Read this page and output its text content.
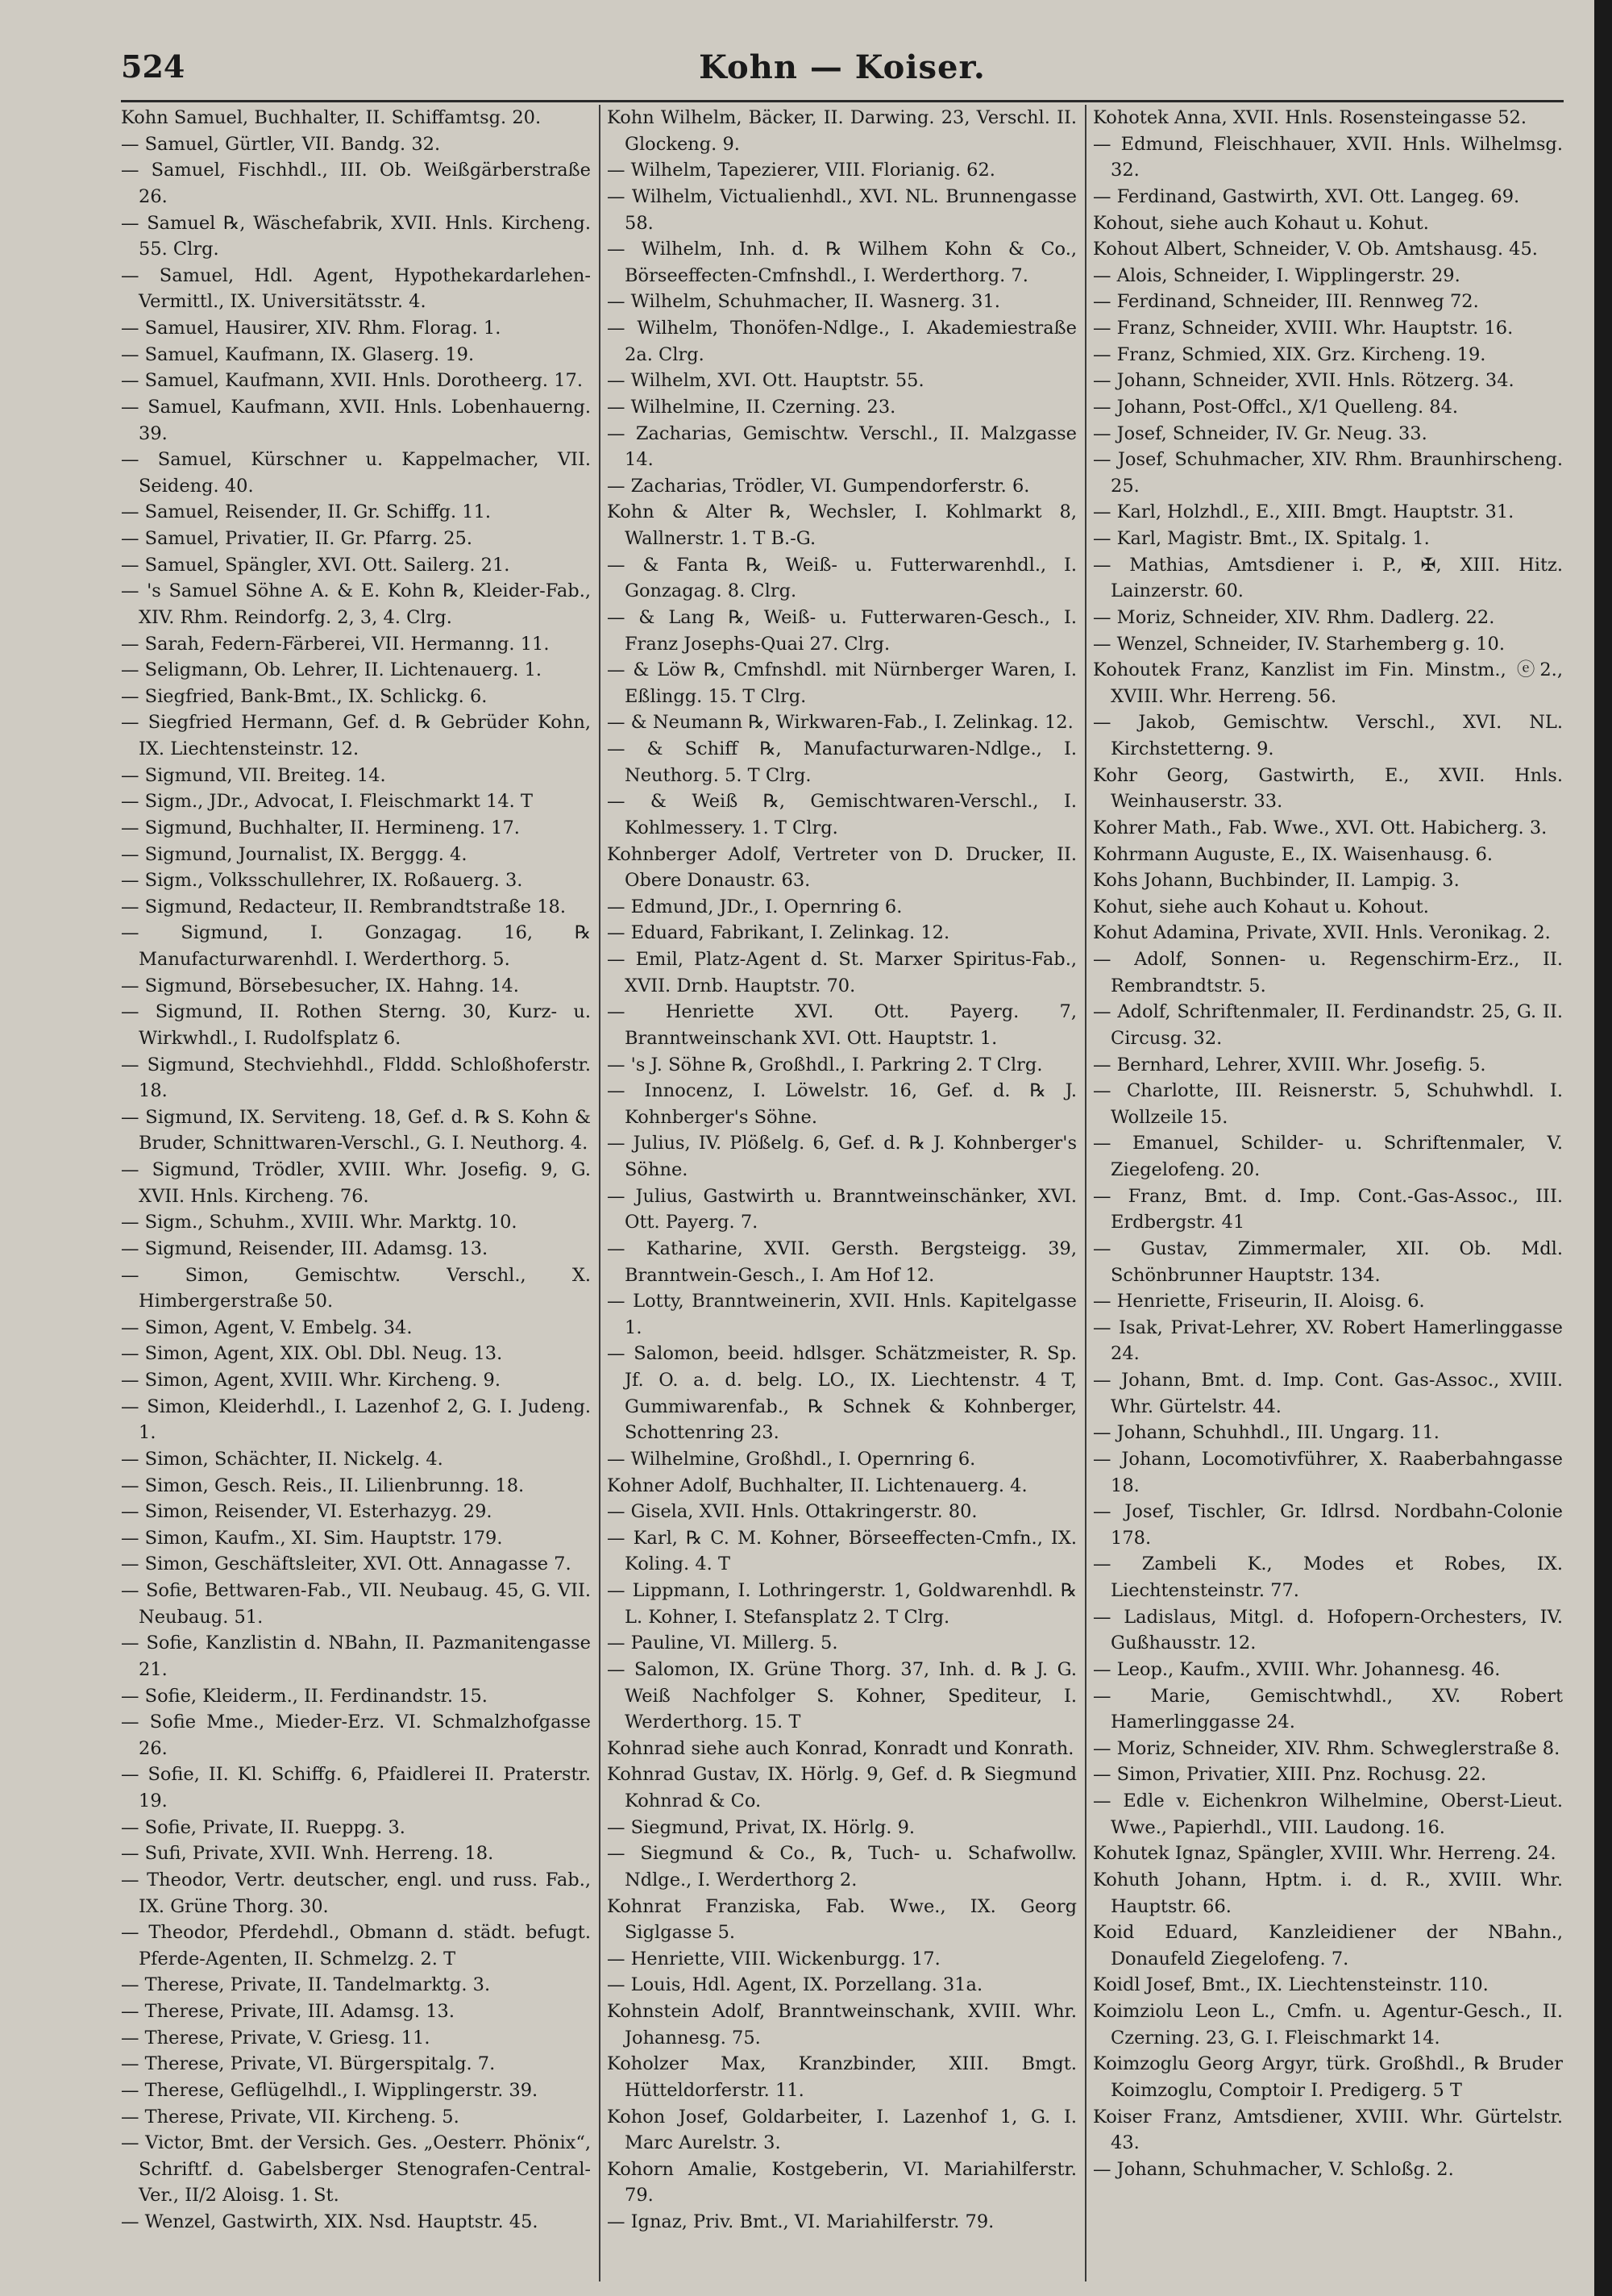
524	Kohn — Koiser.

Kohn Samuel, Buchhalter, II. Schiffamtsg. 20.

— Samuel, Gürtler, VII. Bandg. 32.

— Samuel, Fischhdl., III. Ob. Weißgärberstraße 26.

— Samuel ℞, Wäschefabrik, XVII. Hnls. Kircheng. 55. Clrg.

— Samuel, Hdl. Agent, Hypothekardarlehen-Vermittl., IX. Universitätsstr. 4.

— Samuel, Hausirer, XIV. Rhm. Florag. 1.

— Samuel, Kaufmann, IX. Glaserg. 19.

— Samuel, Kaufmann, XVII. Hnls. Dorotheerg. 17.

— Samuel, Kaufmann, XVII. Hnls. Lobenhauerng. 39.

— Samuel, Kürschner u. Kappelmacher, VII. Seideng. 40.

— Samuel, Reisender, II. Gr. Schiffg. 11.

— Samuel, Privatier, II. Gr. Pfarrg. 25.

— Samuel, Spängler, XVI. Ott. Sailerg. 21.

— 's Samuel Söhne A. & E. Kohn ℞, Kleider-Fab., XIV. Rhm. Reindorfg. 2, 3, 4. Clrg.

— Sarah, Federn-Färberei, VII. Hermanng. 11.

— Seligmann, Ob. Lehrer, II. Lichtenauerg. 1.

— Siegfried, Bank-Bmt., IX. Schlickg. 6.

— Siegfried Hermann, Gef. d. ℞ Gebrüder Kohn, IX. Liechtensteinstr. 12.

— Sigmund, VII. Breiteg. 14.

— Sigm., JDr., Advocat, I. Fleischmarkt 14. T

— Sigmund, Buchhalter, II. Hermineng. 17.

— Sigmund, Journalist, IX. Berggg. 4.

— Sigm., Volksschullehrer, IX. Roßauerg. 3.

— Sigmund, Redacteur, II. Rembrandtstraße 18.

— Sigmund, I. Gonzagag. 16, ℞ Manufacturwarenhdl. I. Werderthorg. 5.

— Sigmund, Börsebesucher, IX. Hahng. 14.

— Sigmund, II. Rothen Sterng. 30, Kurz- u. Wirkwhdl., I. Rudolfsplatz 6.

— Sigmund, Stechviehhdl., Flddd. Schloßhoferstr. 18.

— Sigmund, IX. Servitеng. 18, Gef. d. ℞ S. Kohn & Bruder, Schnittwaren-Verschl., G. I. Neuthorg. 4.

— Sigmund, Trödler, XVIII. Whr. Josefig. 9, G. XVII. Hnls. Kircheng. 76.

— Sigm., Schuhm., XVIII. Whr. Marktg. 10.

— Sigmund, Reisender, III. Adamsg. 13.

— Simon, Gemischtw. Verschl., X. Himbergerstraße 50.

— Simon, Agent, V. Embelg. 34.

— Simon, Agent, XIX. Obl. Dbl. Neug. 13.

— Simon, Agent, XVIII. Whr. Kircheng. 9.

— Simon, Kleiderhdl., I. Lazenhof 2, G. I. Judeng. 1.

— Simon, Schächter, II. Nickelg. 4.

— Simon, Gesch. Reis., II. Lilienbrunng. 18.

— Simon, Reisender, VI. Esterhazyg. 29.

— Simon, Kaufm., XI. Sim. Hauptstr. 179.

— Simon, Geschäftsleiter, XVI. Ott. Annagasse 7.

— Sofie, Bettwaren-Fab., VII. Neubaug. 45, G. VII. Neubaug. 51.

— Sofie, Kanzlistin d. NBahn, II. Pazmanitengasse 21.

— Sofie, Kleiderm., II. Ferdinandstr. 15.

— Sofie Mme., Mieder-Erz. VI. Schmalzhofgasse 26.

— Sofie, II. Kl. Schiffg. 6, Pfaidlerei II. Praterstr. 19.

— Sofie, Private, II. Rueppg. 3.

— Sufi, Private, XVII. Wnh. Herreng. 18.

— Theodor, Vertr. deutscher, engl. und russ. Fab., IX. Grüne Thorg. 30.

— Theodor, Pferdehdl., Obmann d. städt. befugt. Pferde-Agenten, II. Schmelzg. 2. T

— Therese, Private, II. Tandelmarktg. 3.

— Therese, Private, III. Adamsg. 13.

— Therese, Private, V. Griesg. 11.

— Therese, Private, VI. Bürgerspitalg. 7.

— Therese, Geflügelhdl., I. Wipplingerstr. 39.

— Therese, Private, VII. Kircheng. 5.

— Victor, Bmt. der Versich. Ges. „Oesterr. Phönix“, Schriftf. d. Gabelsberger Stenografen-Central-Ver., II/2 Aloisg. 1. St.

— Wenzel, Gastwirth, XIX. Nsd. Hauptstr. 45.

Kohn Wilhelm, Bäcker, II. Darwing. 23, Verschl. II. Glockeng. 9.

— Wilhelm, Tapezierer, VIII. Florianig. 62.

— Wilhelm, Victualienhdl., XVI. NL. Brunnengasse 58.

— Wilhelm, Inh. d. ℞ Wilhem Kohn & Co., Börseeffecten-Cmfnshdl., I. Werderthorg. 7.

— Wilhelm, Schuhmacher, II. Wasnerg. 31.

— Wilhelm, Thonöfen-Ndlge., I. Akademiestraße 2a. Clrg.

— Wilhelm, XVI. Ott. Hauptstr. 55.

— Wilhelmine, II. Czerning. 23.

— Zacharias, Gemischtw. Verschl., II. Malzgasse 14.

— Zacharias, Trödler, VI. Gumpendorferstr. 6.

Kohn & Alter ℞, Wechsler, I. Kohlmarkt 8, Wallnerstr. 1. T B.-G.

— & Fanta ℞, Weiß- u. Futterwarenhdl., I. Gonzagag. 8. Clrg.

— & Lang ℞, Weiß- u. Futterwaren-Gesch., I. Franz Josephs-Quai 27. Clrg.

— & Löw ℞, Cmfnshdl. mit Nürnberger Waren, I. Eßlingg. 15. T Clrg.

— & Neumann ℞, Wirkwaren-Fab., I. Zelinkag. 12.

— & Schiff ℞, Manufacturwaren-Ndlge., I. Neuthorg. 5. T Clrg.

— & Weiß ℞, Gemischtwaren-Verschl., I. Kohlmessery. 1. T Clrg.

Kohnberger Adolf, Vertreter von D. Drucker, II. Obere Donaustr. 63.

— Edmund, JDr., I. Opernring 6.

— Eduard, Fabrikant, I. Zelinkag. 12.

— Emil, Platz-Agent d. St. Marxer Spiritus-Fab., XVII. Drnb. Hauptstr. 70.

— Henriette XVI. Ott. Payerg. 7, Branntweinschank XVI. Ott. Hauptstr. 1.

— 's J. Söhne ℞, Großhdl., I. Parkring 2. T Clrg.

— Innocenz, I. Löwelstr. 16, Gef. d. ℞ J. Kohnberger's Söhne.

— Julius, IV. Plößelg. 6, Gef. d. ℞ J. Kohnberger's Söhne.

— Julius, Gastwirth u. Branntweinschänker, XVI. Ott. Payerg. 7.

— Katharine, XVII. Gersth. Bergsteigg. 39, Branntwein-Gesch., I. Am Hof 12.

— Lotty, Branntweinerin, XVII. Hnls. Kapitelgasse 1.

— Salomon, beeid. hdlsger. Schätzmeister, R. Sp. Jf. O. a. d. belg. LO., IX. Liechtenstr. 4 T, Gummiwarenfab., ℞ Schnek & Kohnberger, Schottenring 23.

— Wilhelmine, Großhdl., I. Opernring 6.

Kohner Adolf, Buchhalter, II. Lichtenauerg. 4.

— Gisela, XVII. Hnls. Ottakringerstr. 80.

— Karl, ℞ C. M. Kohner, Börseeffecten-Cmfn., IX. Koling. 4. T

— Lippmann, I. Lothringerstr. 1, Goldwarenhdl. ℞ L. Kohner, I. Stefansplatz 2. T Clrg.

— Pauline, VI. Millerg. 5.

— Salomon, IX. Grüne Thorg. 37, Inh. d. ℞ J. G. Weiß Nachfolger S. Kohner, Spediteur, I. Werderthorg. 15. T

Kohnrad siehe auch Konrad, Konradt und Konrath.

Kohnrad Gustav, IX. Hörlg. 9, Gef. d. ℞ Siegmund Kohnrad & Co.

— Siegmund, Privat, IX. Hörlg. 9.

— Siegmund & Co., ℞, Tuch- u. Schafwollw. Ndlge., I. Werderthorg 2.

Kohnrat Franziska, Fab. Wwe., IX. Georg Siglgasse 5.

— Henriette, VIII. Wickenburgg. 17.

— Louis, Hdl. Agent, IX. Porzellang. 31a.

Kohnstein Adolf, Branntweinschank, XVIII. Whr. Johannesg. 75.

Koholzer Max, Kranzbinder, XIII. Bmgt. Hütteldorferstr. 11.

Kohon Josef, Goldarbeiter, I. Lazenhof 1, G. I. Marc Aurelstr. 3.

Kohorn Amalie, Kostgeberin, VI. Mariahilferstr. 79.

— Ignaz, Priv. Bmt., VI. Mariahilferstr. 79.

Kohotek Anna, XVII. Hnls. Rosensteingasse 52.

— Edmund, Fleischhauer, XVII. Hnls. Wilhelmsg. 32.

— Ferdinand, Gastwirth, XVI. Ott. Langeg. 69.

Kohout, siehe auch Kohaut u. Kohut.

Kohout Albert, Schneider, V. Ob. Amtshausg. 45.

— Alois, Schneider, I. Wipplingerstr. 29.

— Ferdinand, Schneider, III. Rennweg 72.

— Franz, Schneider, XVIII. Whr. Hauptstr. 16.

— Franz, Schmied, XIX. Grz. Kircheng. 19.

— Johann, Schneider, XVII. Hnls. Rötzerg. 34.

— Johann, Post-Offcl., X/1 Quelleng. 84.

— Josef, Schneider, IV. Gr. Neug. 33.

— Josef, Schuhmacher, XIV. Rhm. Braunhirscheng. 25.

— Karl, Holzhdl., E., XIII. Bmgt. Hauptstr. 31.

— Karl, Magistr. Bmt., IX. Spitalg. 1.

— Mathias, Amtsdiener i. P., ✠, XIII. Hitz. Lainzerstr. 60.

— Moriz, Schneider, XIV. Rhm. Dadlerg. 22.

— Wenzel, Schneider, IV. Starhemberg g. 10.

Kohoutek Franz, Kanzlist im Fin. Minstm., ⓔ2., XVIII. Whr. Herreng. 56.

— Jakob, Gemischtw. Verschl., XVI. NL. Kirchstetterng. 9.

Kohr Georg, Gastwirth, E., XVII. Hnls. Weinhauserstr. 33.

Kohrer Math., Fab. Wwe., XVI. Ott. Habicherg. 3.

Kohrmann Auguste, E., IX. Waisenhausg. 6.

Kohs Johann, Buchbinder, II. Lampig. 3.

Kohut, siehe auch Kohaut u. Kohout.

Kohut Adamina, Private, XVII. Hnls. Veronikag. 2.

— Adolf, Sonnen- u. Regenschirm-Erz., II. Rembrandtstr. 5.

— Adolf, Schriftenmaler, II. Ferdinandstr. 25, G. II. Circusg. 32.

— Bernhard, Lehrer, XVIII. Whr. Josefig. 5.

— Charlotte, III. Reisnerstr. 5, Schuhwhdl. I. Wollzeile 15.

— Emanuel, Schilder- u. Schriftenmaler, V. Ziegelofeng. 20.

— Franz, Bmt. d. Imp. Cont.-Gas-Assoc., III. Erdbergstr. 41

— Gustav, Zimmermaler, XII. Ob. Mdl. Schönbrunner Hauptstr. 134.

— Henriette, Friseurin, II. Aloisg. 6.

— Isak, Privat-Lehrer, XV. Robert Hamerlinggasse 24.

— Johann, Bmt. d. Imp. Cont. Gas-Assoc., XVIII. Whr. Gürtelstr. 44.

— Johann, Schuhhdl., III. Ungarg. 11.

— Johann, Locomotivführer, X. Raaberbahngasse 18.

— Josef, Tischler, Gr. Idlrsd. Nordbahn-Colonie 178.

— Zambeli K., Modes et Robes, IX. Liechtensteinstr. 77.

— Ladislaus, Mitgl. d. Hofopern-Orchesters, IV. Gußhausstr. 12.

— Leop., Kaufm., XVIII. Whr. Johannesg. 46.

— Marie, Gemischtwhdl., XV. Robert Hamerlinggasse 24.

— Moriz, Schneider, XIV. Rhm. Schweglerstraße 8.

— Simon, Privatier, XIII. Pnz. Rochusg. 22.

— Edle v. Eichenkron Wilhelmine, Oberst-Lieut. Wwe., Papierhdl., VIII. Laudong. 16.

Kohutek Ignaz, Spängler, XVIII. Whr. Herreng. 24.

Kohuth Johann, Hptm. i. d. R., XVIII. Whr. Hauptstr. 66.

Koid Eduard, Kanzleidiener der NBahn., Donaufeld Ziegelofeng. 7.

Koidl Josef, Bmt., IX. Liechtensteinstr. 110.

Koimziolu Leon L., Cmfn. u. Agentur-Gesch., II. Czerning. 23, G. I. Fleischmarkt 14.

Koimzoglu Georg Argyr, türk. Großhdl., ℞ Bruder Koimzoglu, Comptoir I. Predigerg. 5 T

Koiser Franz, Amtsdiener, XVIII. Whr. Gürtelstr. 43.

— Johann, Schuhmacher, V. Schloßg. 2.
